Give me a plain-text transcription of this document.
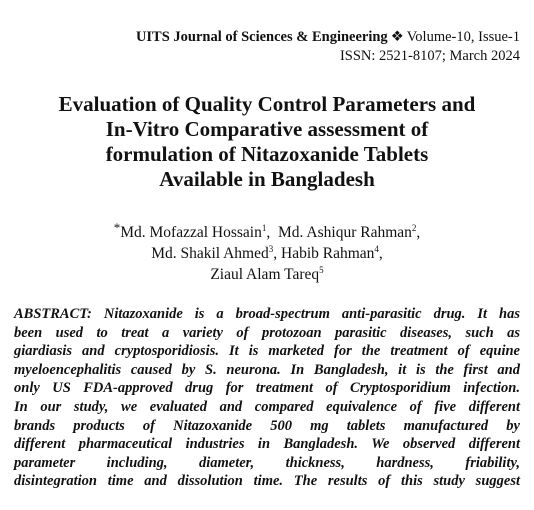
UITS Journal of Sciences & Engineering ❖ Volume-10, Issue-1
ISSN: 2521-8107; March 2024
Evaluation of Quality Control Parameters and
In-Vitro Comparative assessment of
formulation of Nitazoxanide Tablets
Available in Bangladesh
*Md. Mofazzal Hossain$^1$,  Md. Ashiqur Rahman$^2$,
Md. Shakil Ahmed$^3$, Habib Rahman$^4$,
Ziaul Alam Tareq$^5$
ABSTRACT: Nitazoxanide is a broad-spectrum anti-parasitic drug. It has
been used to treat a variety of protozoan parasitic diseases, such as
giardiasis and cryptosporidiosis. It is marketed for the treatment of equine
myeloencephalitis caused by S. neurona. In Bangladesh, it is the first and
only US FDA-approved drug for treatment of Cryptosporidium infection.
In our study, we evaluated and compared equivalence of five different
brands products of Nitazoxanide 500 mg tablets manufactured by
different pharmaceutical industries in Bangladesh. We observed different
parameter including, diameter, thickness, hardness, friability,
disintegration time and dissolution time. The results of this study suggest
